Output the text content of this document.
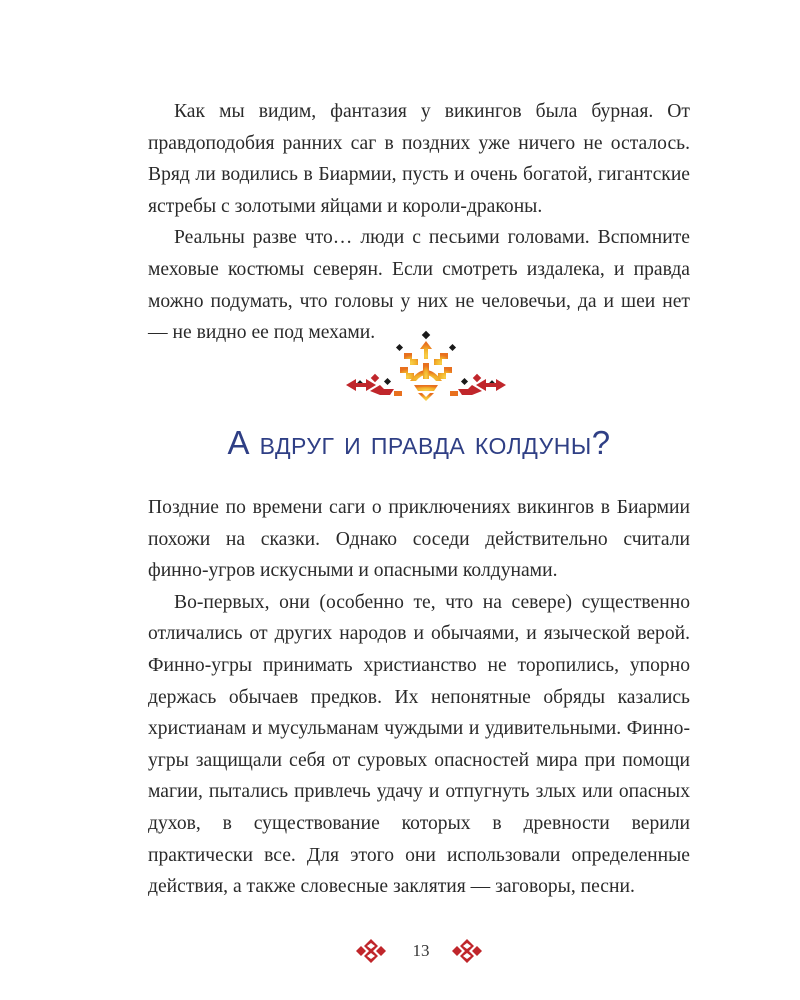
Как мы видим, фантазия у викингов была бурная. От правдоподобия ранних саг в поздних уже ничего не осталось. Вряд ли водились в Биармии, пусть и очень богатой, гигантские ястребы с золотыми яйцами и короли-драконы.

Реальны разве что… люди с песьими головами. Вспомните меховые костюмы северян. Если смотреть издалека, и правда можно подумать, что головы у них не человечьи, да и шеи нет — не видно ее под мехами.

А вдруг и правда колдуны?

Поздние по времени саги о приключениях викингов в Биармии похожи на сказки. Однако соседи действительно считали финно-угров искусными и опасными колдунами.

Во-первых, они (особенно те, что на севере) существенно отличались от других народов и обычаями, и языческой верой. Финно-угры принимать христианство не торопились, упорно держась обычаев предков. Их непонятные обряды казались христианам и мусульманам чуждыми и удивительными. Финно-угры защищали себя от суровых опасностей мира при помощи магии, пытались привлечь удачу и отпугнуть злых или опасных духов, в существование которых в древности верили практически все. Для этого они использовали определенные действия, а также словесные заклятия — заговоры, песни.

13
